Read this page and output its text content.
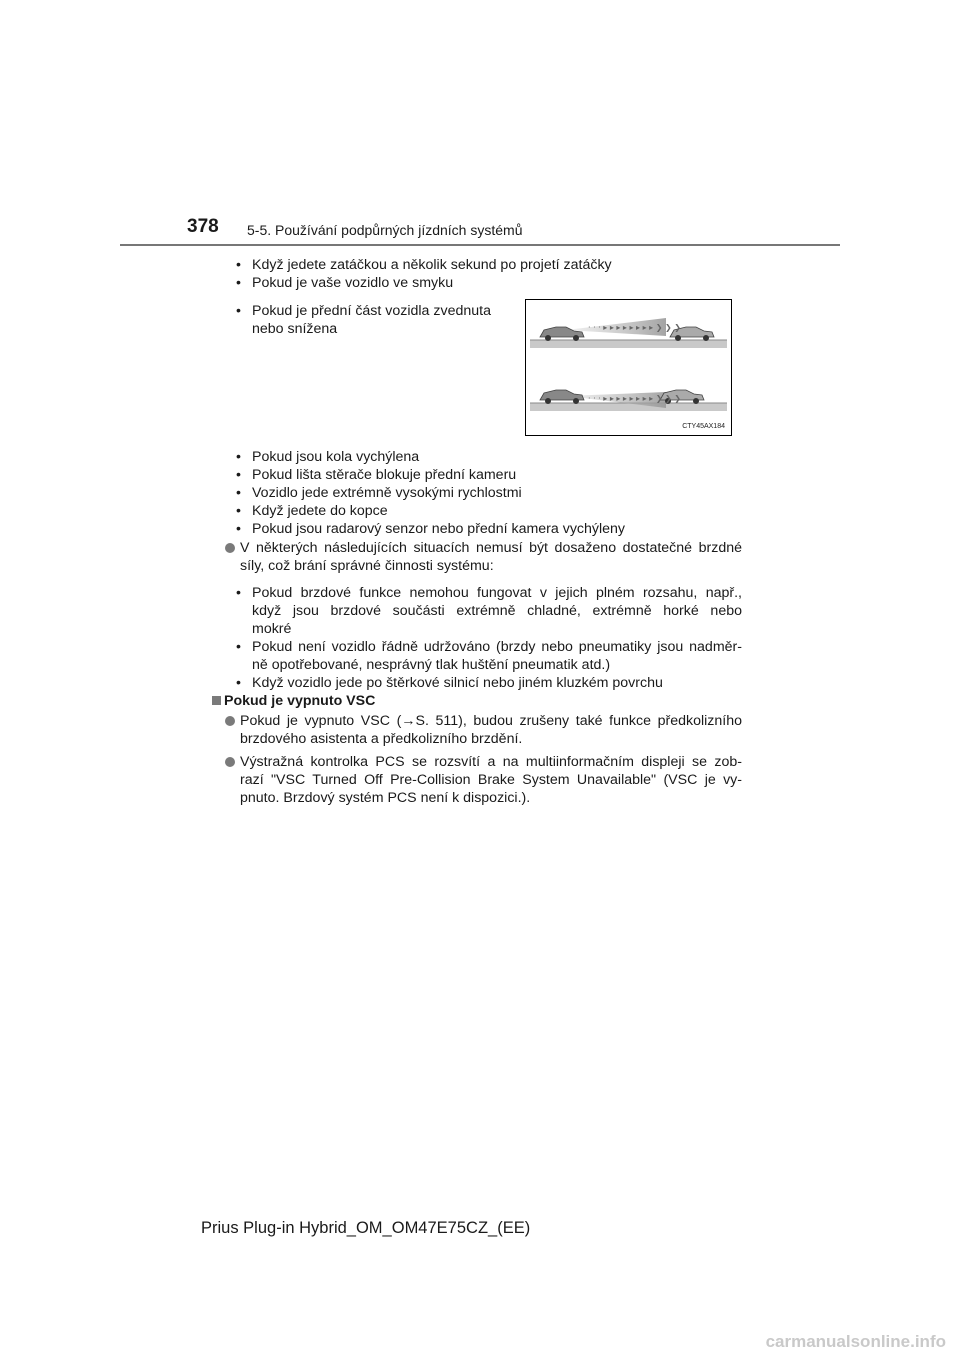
378 5-5. Používání podpůrných jízdních systémů
• Když jedete zatáčkou a několik sekund po projetí zatáčky
• Pokud je vaše vozidlo ve smyku
• Pokud je přední část vozidla zvednuta
nebo snížena	· · · ▸ ▸ ▸ ▸ ▸ ▸ ▸ ▸ ❯ ❯ ❯
· · · ▸ ▸ ▸ ▸ ▸ ▸ ▸ ▸ ❯ ❯ ❯
CTY45AX184
• Pokud jsou kola vychýlena
• Pokud lišta stěrače blokuje přední kameru
• Vozidlo jede extrémně vysokými rychlostmi
• Když jedete do kopce
• Pokud jsou radarový senzor nebo přední kamera vychýleny
V některých následujících situacích nemusí být dosaženo dostatečné brzdné
síly, což brání správné činnosti systému:
• Pokud brzdové funkce nemohou fungovat v jejich plném rozsahu, např.,
když jsou brzdové součásti extrémně chladné, extrémně horké nebo
mokré
• Pokud není vozidlo řádně udržováno (brzdy nebo pneumatiky jsou nadměr-
ně opotřebované, nesprávný tlak huštění pneumatik atd.)
• Když vozidlo jede po štěrkové silnicí nebo jiném kluzkém povrchu
Pokud je vypnuto VSC
Pokud je vypnuto VSC (→S. 511), budou zrušeny také funkce předkolizního
brzdového asistenta a předkolizního brzdění.
Výstražná kontrolka PCS se rozsvítí a na multiinformačním displeji se zob-
razí "VSC Turned Off Pre-Collision Brake System Unavailable" (VSC je vy-
pnuto. Brzdový systém PCS není k dispozici.).
Prius Plug-in Hybrid_OM_OM47E75CZ_(EE)
carmanualsonline.info
